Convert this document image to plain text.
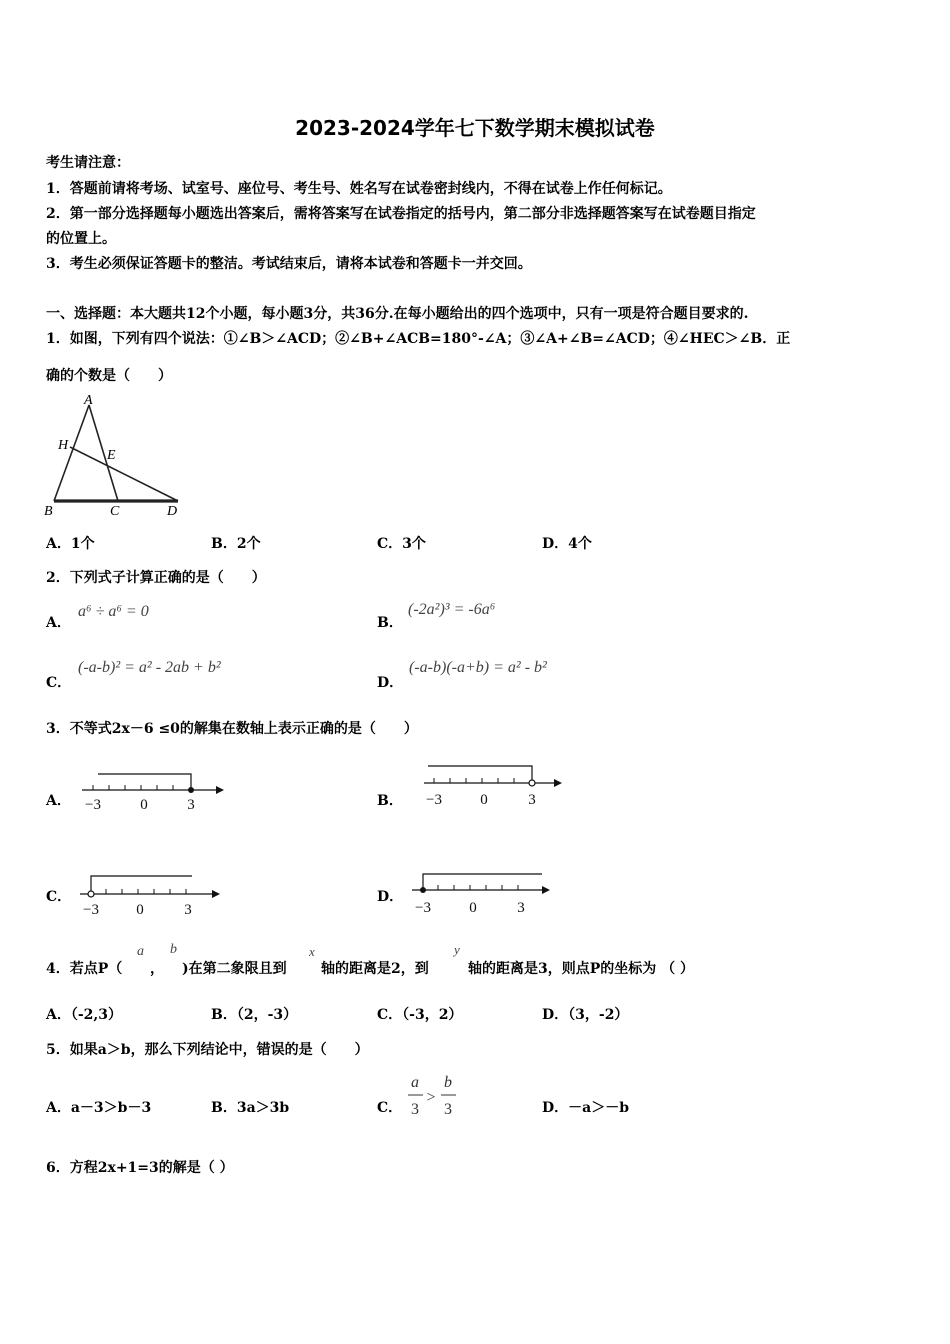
2023-2024学年七下数学期末模拟试卷
考生请注意：
1．答题前请将考场、试室号、座位号、考生号、姓名写在试卷密封线内，不得在试卷上作任何标记。
2．第一部分选择题每小题选出答案后，需将答案写在试卷指定的括号内，第二部分非选择题答案写在试卷题目指定
的位置上。
3．考生必须保证答题卡的整洁。考试结束后，请将本试卷和答题卡一并交回。
一、选择题：本大题共12个小题，每小题3分，共36分.在每小题给出的四个选项中，只有一项是符合题目要求的.
1．如图，下列有四个说法：①∠B＞∠ACD；②∠B+∠ACB=180°-∠A；③∠A+∠B=∠ACD；④∠HEC＞∠B．正
确的个数是（　　）
A
H
E
B	C	D
A．1个	B．2个	C．3个	D．4个
2．下列式子计算正确的是（　　）
A．
a⁶ ÷ a⁶ = 0
B．
(-2a²)³ = -6a⁶
C．
(-a-b)² = a² - 2ab + b²
D．
(-a-b)(-a+b) = a² - b²
3．不等式2x－6 ≤0的解集在数轴上表示正确的是（　　）
A． −3	0	3	B． −3	0	3
C．
−3 0	3
D．
−3	0	3
4．若点P（
a
，
b
)在第二象限且到
x
轴的距离是2，到
y
轴的距离是3，则点P的坐标为 （ ）
A．（-2,3）	B．（2，-3）	C．（-3，2）	D．（3，-2）
5．如果a＞b，那么下列结论中，错误的是（　　）
A．a－3＞b－3	B．3a＞3b	C．
a
3
>
b
3	D．－a＞－b
6．方程2x+1=3的解是（ ）
